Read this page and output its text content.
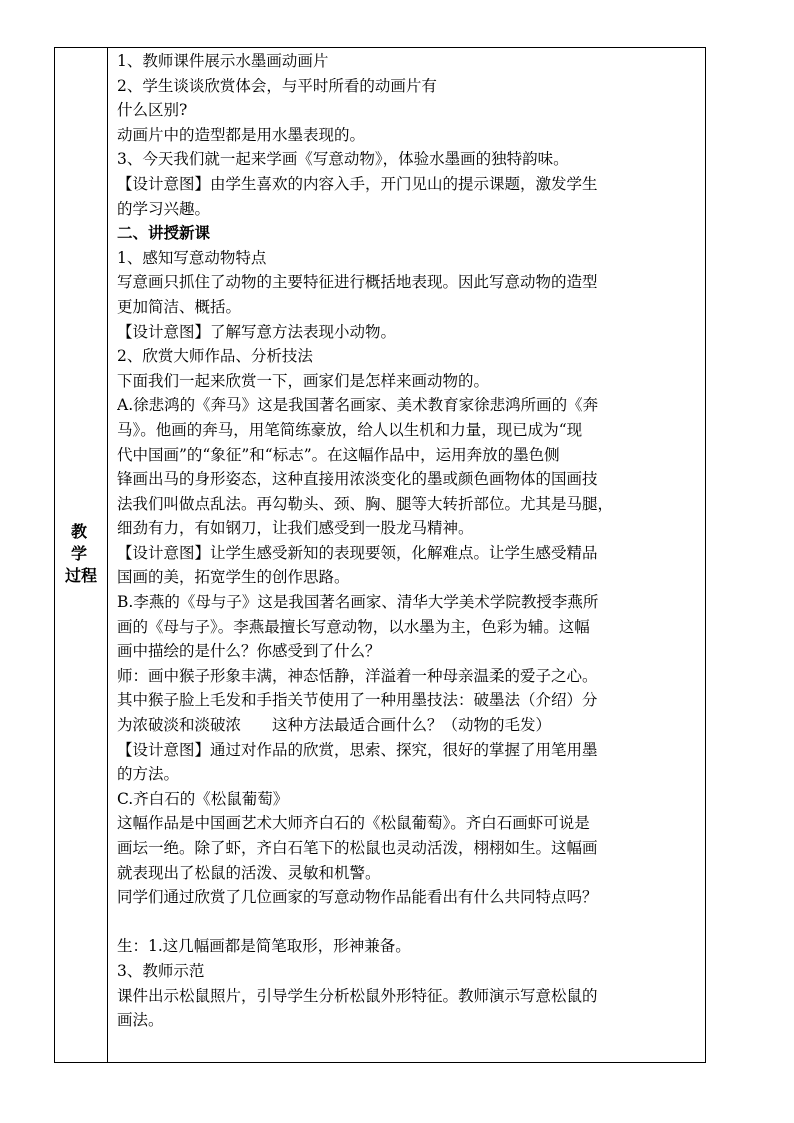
教 学
过程
1、教师课件展示水墨画动画片
2、学生谈谈欣赏体会，与平时所看的动画片有
什么区别?
动画片中的造型都是用水墨表现的。
3、今天我们就一起来学画《写意动物》，体验水墨画的独特韵味。
【设计意图】由学生喜欢的内容入手，开门见山的提示课题，激发学生
的学习兴趣。
二、讲授新课
1、感知写意动物特点
写意画只抓住了动物的主要特征进行概括地表现。因此写意动物的造型
更加简洁、概括。
【设计意图】了解写意方法表现小动物。
2、欣赏大师作品、分析技法
下面我们一起来欣赏一下，画家们是怎样来画动物的。
A.徐悲鸿的《奔马》这是我国著名画家、美术教育家徐悲鸿所画的《奔
马》。他画的奔马，用笔简练豪放，给人以生机和力量，现已成为“现
代中国画”的“象征”和“标志”。在这幅作品中，运用奔放的墨色侧
锋画出马的身形姿态，这种直接用浓淡变化的墨或颜色画物体的国画技
法我们叫做点乱法。再勾勒头、颈、胸、腿等大转折部位。尤其是马腿，
细劲有力，有如钢刀，让我们感受到一股龙马精神。
【设计意图】让学生感受新知的表现要领，化解难点。让学生感受精品
国画的美，拓宽学生的创作思路。
B.李燕的《母与子》这是我国著名画家、清华大学美术学院教授李燕所
画的《母与子》。李燕最擅长写意动物，以水墨为主，色彩为辅。这幅
画中描绘的是什么？你感受到了什么？
师：画中猴子形象丰满，神态恬静，洋溢着一种母亲温柔的爱子之心。
其中猴子脸上毛发和手指关节使用了一种用墨技法：破墨法（介绍）分
为浓破淡和淡破浓　　这种方法最适合画什么？（动物的毛发）
【设计意图】通过对作品的欣赏，思索、探究，很好的掌握了用笔用墨
的方法。
C.齐白石的《松鼠葡萄》
这幅作品是中国画艺术大师齐白石的《松鼠葡萄》。齐白石画虾可说是
画坛一绝。除了虾，齐白石笔下的松鼠也灵动活泼，栩栩如生。这幅画
就表现出了松鼠的活泼、灵敏和机警。
同学们通过欣赏了几位画家的写意动物作品能看出有什么共同特点吗？
生：1.这几幅画都是简笔取形，形神兼备。
3、教师示范
课件出示松鼠照片，引导学生分析松鼠外形特征。教师演示写意松鼠的
画法。
